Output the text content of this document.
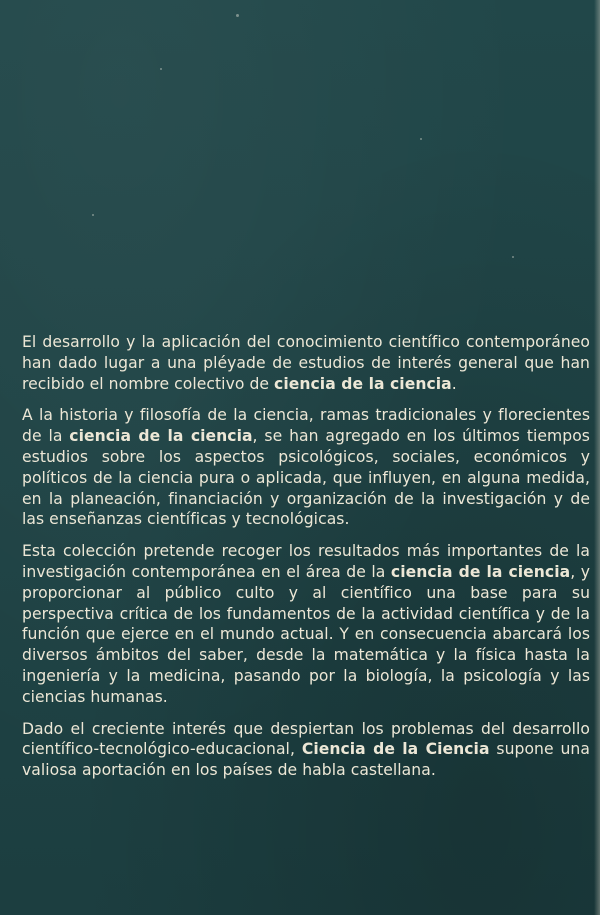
El desarrollo y la aplicación del conocimiento científico contemporáneo han dado lugar a una pléyade de estudios de interés general que han recibido el nombre colectivo de ciencia de la ciencia.

A la historia y filosofía de la ciencia, ramas tradicionales y florecientes de la ciencia de la ciencia, se han agregado en los últimos tiempos estudios sobre los aspectos psicológicos, sociales, económicos y políticos de la ciencia pura o aplicada, que influyen, en alguna medida, en la planeación, financiación y organización de la investigación y de las enseñanzas científicas y tecnológicas.

Esta colección pretende recoger los resultados más importantes de la investigación contemporánea en el área de la ciencia de la ciencia, y proporcionar al público culto y al científico una base para su perspectiva crítica de los fundamentos de la actividad científica y de la función que ejerce en el mundo actual. Y en consecuencia abarcará los diversos ámbitos del saber, desde la matemática y la física hasta la ingeniería y la medicina, pasando por la biología, la psicología y las ciencias humanas.

Dado el creciente interés que despiertan los problemas del desarrollo científico-tecnológico-educacional, Ciencia de la Ciencia supone una valiosa aportación en los países de habla castellana.
